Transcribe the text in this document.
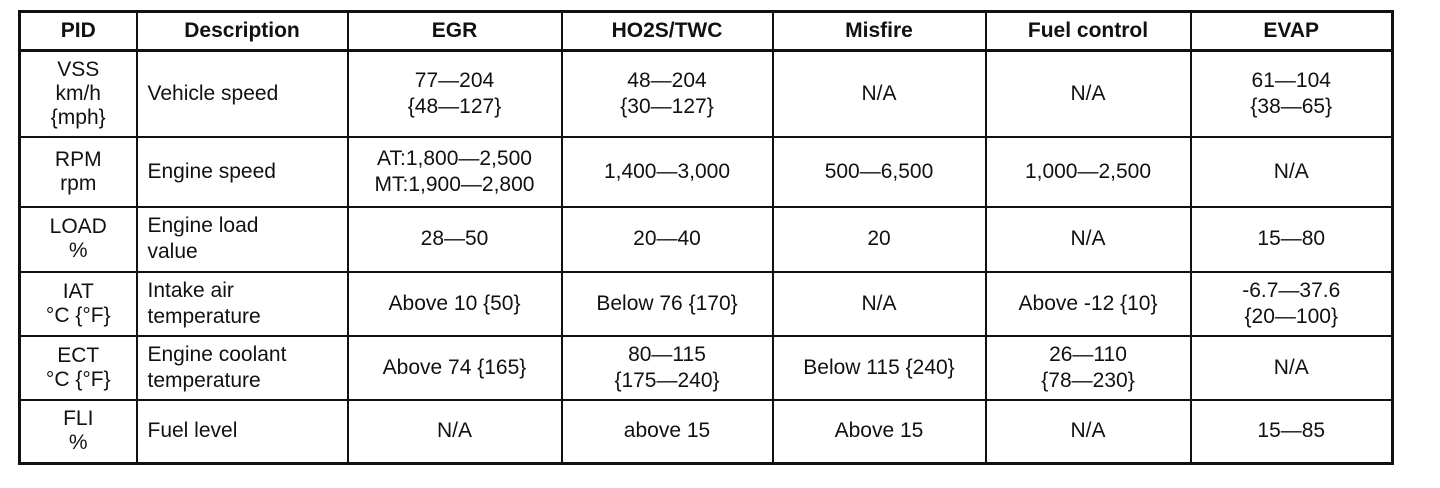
PID	Description	EGR	HO2S/TWC	Misfire	Fuel control	EVAP

VSS
km/h
{mph}	Vehicle speed	77—204
{48—127}	48—204
{30—127}	N/A	N/A	61—104
{38—65}

RPM
rpm	Engine speed	AT:1,800—2,500
MT:1,900—2,800	1,400—3,000	500—6,500	1,000—2,500	N/A

LOAD
%	Engine load
value	28—50	20—40	20	N/A	15—80

IAT
°C {°F}	Intake air
temperature	Above 10 {50}	Below 76 {170}	N/A	Above -12 {10}	-6.7—37.6
{20—100}

ECT
°C {°F}	Engine coolant
temperature	Above 74 {165}	80—115
{175—240}	Below 115 {240}	26—110
{78—230}	N/A

FLI
%	Fuel level	N/A	above 15	Above 15	N/A	15—85
